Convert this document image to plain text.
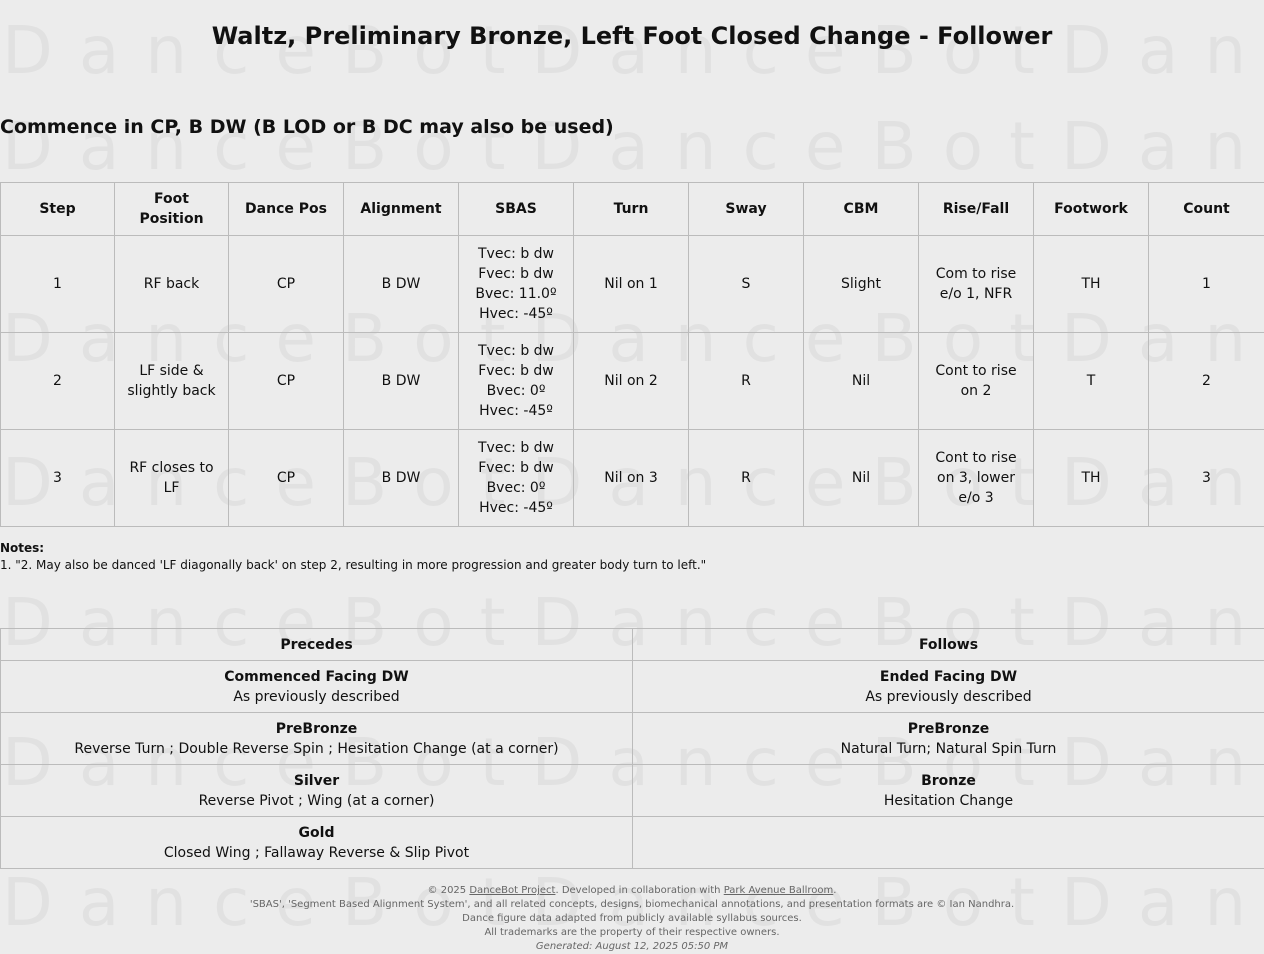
Waltz, Preliminary Bronze, Left Foot Closed Change - Follower
Commence in CP, B DW (B LOD or B DC may also be used)
Step	Foot Position	Dance Pos	Alignment	SBAS	Turn	Sway	CBM	Rise/Fall	Footwork	Count
1	RF back	CP	B DW	Tvec: b dw
Fvec: b dw
Bvec: 11.0º
Hvec: -45º	Nil on 1	S	Slight	Com to rise e/o 1, NFR	TH	1
2	LF side & slightly back	CP	B DW	Tvec: b dw
Fvec: b dw
Bvec: 0º
Hvec: -45º	Nil on 2	R	Nil	Cont to rise on 2	T	2
3	RF closes to LF	CP	B DW	Tvec: b dw
Fvec: b dw
Bvec: 0º
Hvec: -45º	Nil on 3	R	Nil	Cont to rise on 3, lower e/o 3	TH	3
Notes:
1. "2. May also be danced 'LF diagonally back' on step 2, resulting in more progression and greater body turn to left."
Precedes	Follows

Commenced Facing DW
As previously described	Ended Facing DW
As previously described

PreBronze
Reverse Turn ; Double Reverse Spin ; Hesitation Change (at a corner)	PreBronze
Natural Turn; Natural Spin Turn

Silver
Reverse Pivot ; Wing (at a corner)	Bronze
Hesitation Change

Gold
Closed Wing ; Fallaway Reverse & Slip Pivot	

© 2025 DanceBot Project. Developed in collaboration with Park Avenue Ballroom.
'SBAS', 'Segment Based Alignment System', and all related concepts, designs, biomechanical annotations, and presentation formats are © Ian Nandhra.
Dance figure data adapted from publicly available syllabus sources.
All trademarks are the property of their respective owners.
Generated: August 12, 2025 05:50 PM
